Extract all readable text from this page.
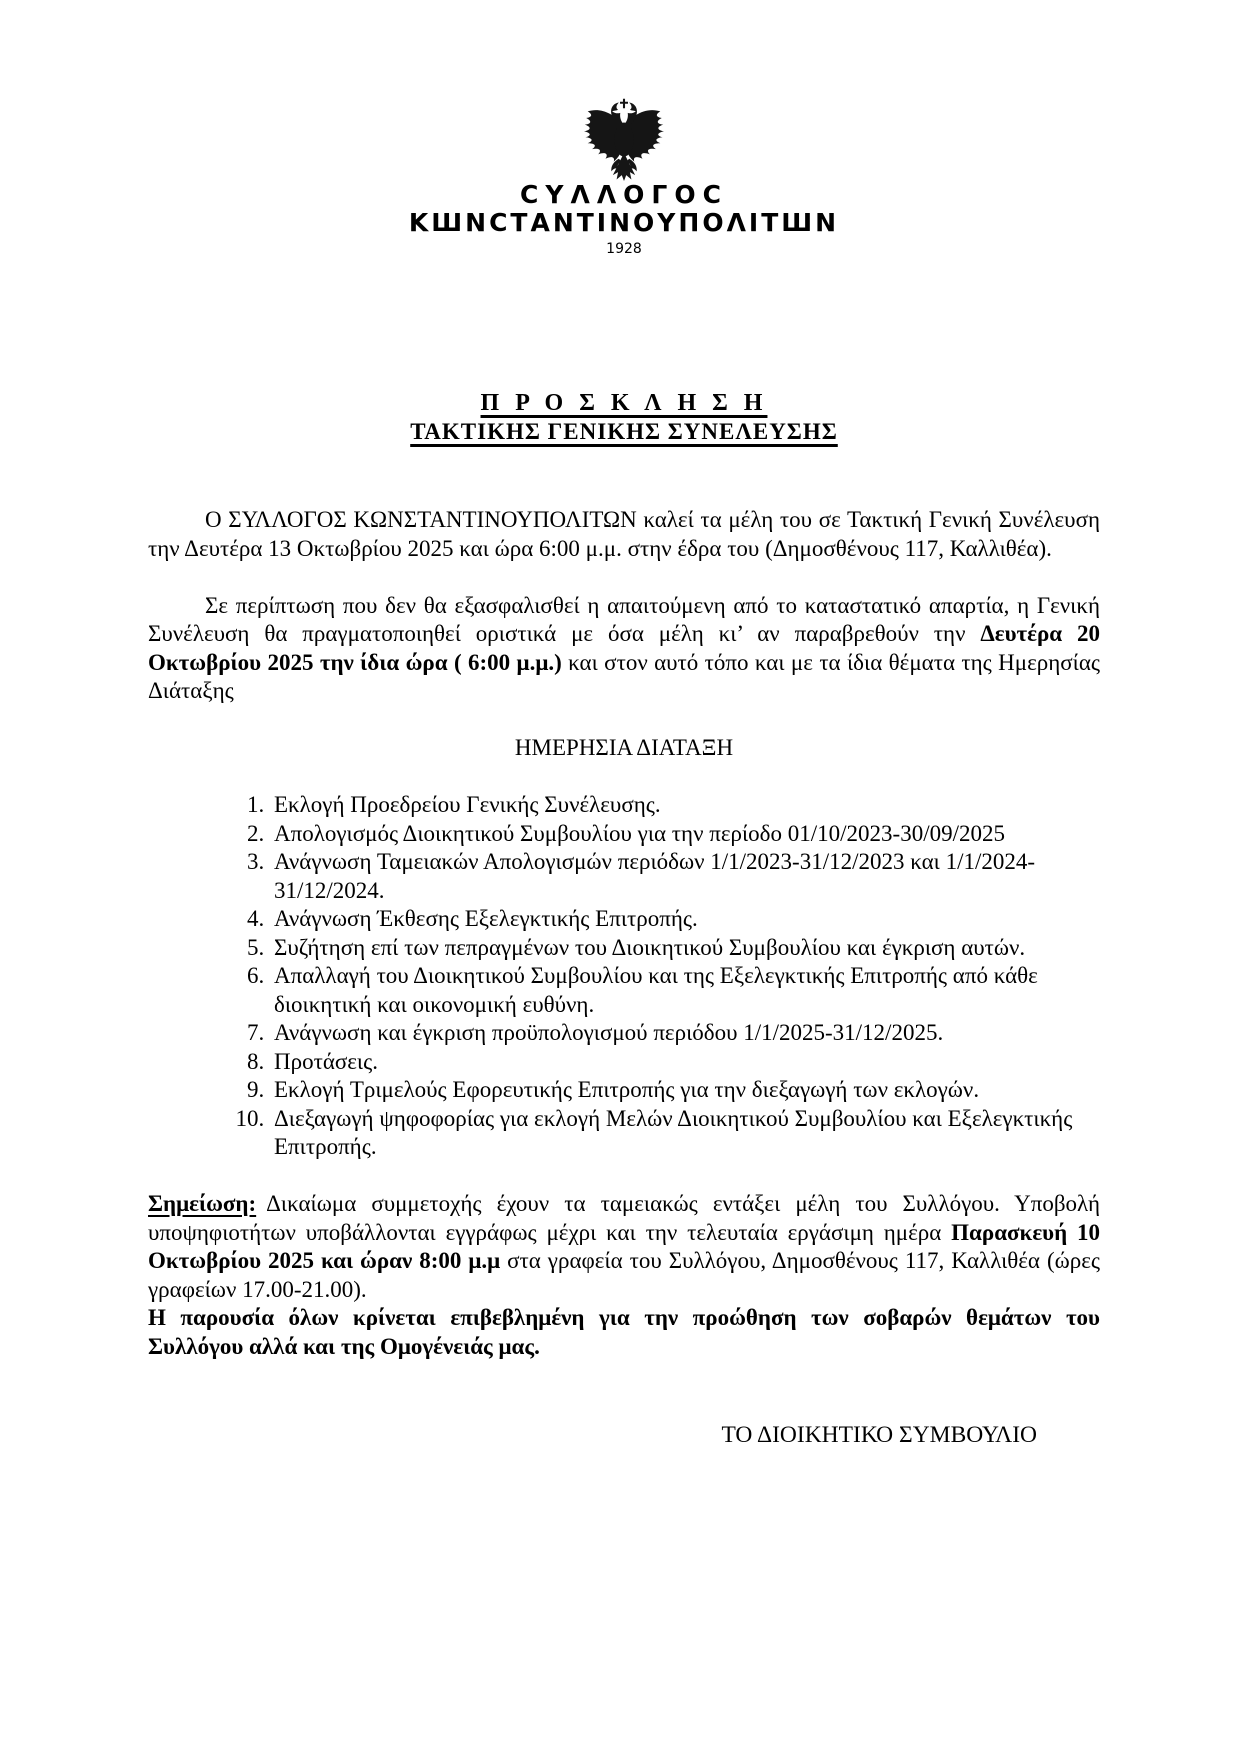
CΥΛΛΟΓΟC
ΚШΝCΤΑΝΤΙΝΟΥΠΟΛΙΤШΝ
1928
Π Ρ Ο Σ Κ Λ Η Σ Η
ΤΑΚΤΙΚΗΣ ΓΕΝΙΚΗΣ ΣΥΝΕΛΕΥΣΗΣ

Ο ΣΥΛΛΟΓΟΣ ΚΩΝΣΤΑΝΤΙΝΟΥΠΟΛΙΤΩΝ καλεί τα μέλη του σε Τακτική Γενική Συνέλευση την Δευτέρα 13 Οκτωβρίου 2025 και ώρα 6:00 μ.μ. στην έδρα του (Δημοσθένους 117, Καλλιθέα).

Σε περίπτωση που δεν θα εξασφαλισθεί η απαιτούμενη από το καταστατικό απαρτία, η Γενική Συνέλευση θα πραγματοποιηθεί οριστικά με όσα μέλη κι’ αν παραβρεθούν την Δευτέρα 20 Οκτωβρίου 2025 την ίδια ώρα ( 6:00 μ.μ.) και στον αυτό τόπο και με τα ίδια θέματα της Ημερησίας Διάταξης

ΗΜΕΡΗΣΙΑ ΔΙΑΤΑΞΗ
1. Εκλογή Προεδρείου Γενικής Συνέλευσης.
2. Απολογισμός Διοικητικού Συμβουλίου για την περίοδο 01/10/2023-30/09/2025
3. Ανάγνωση Ταμειακών Απολογισμών περιόδων 1/1/2023-31/12/2023 και 1/1/2024-31/12/2024.
4. Ανάγνωση Έκθεσης Εξελεγκτικής Επιτροπής.
5. Συζήτηση επί των πεπραγμένων του Διοικητικού Συμβουλίου και έγκριση αυτών.
6. Απαλλαγή του Διοικητικού Συμβουλίου και της Εξελεγκτικής Επιτροπής από κάθε διοικητική και οικονομική ευθύνη.
7. Ανάγνωση και έγκριση προϋπολογισμού περιόδου 1/1/2025-31/12/2025.
8. Προτάσεις.
9. Εκλογή Τριμελούς Εφορευτικής Επιτροπής για την διεξαγωγή των εκλογών.
10. Διεξαγωγή ψηφοφορίας για εκλογή Μελών Διοικητικού Συμβουλίου και Εξελεγκτικής Επιτροπής.

Σημείωση: Δικαίωμα συμμετοχής έχουν τα ταμειακώς εντάξει μέλη του Συλλόγου. Υποβολή υποψηφιοτήτων υποβάλλονται εγγράφως μέχρι και την τελευταία εργάσιμη ημέρα Παρασκευή 10 Οκτωβρίου 2025 και ώραν 8:00 μ.μ στα γραφεία του Συλλόγου, Δημοσθένους 117, Καλλιθέα (ώρες γραφείων 17.00-21.00).

Η παρουσία όλων κρίνεται επιβεβλημένη για την προώθηση των σοβαρών θεμάτων του Συλλόγου αλλά και της Ομογένειάς μας.

ΤΟ ΔΙΟΙΚΗΤΙΚΟ ΣΥΜΒΟΥΛΙΟ
